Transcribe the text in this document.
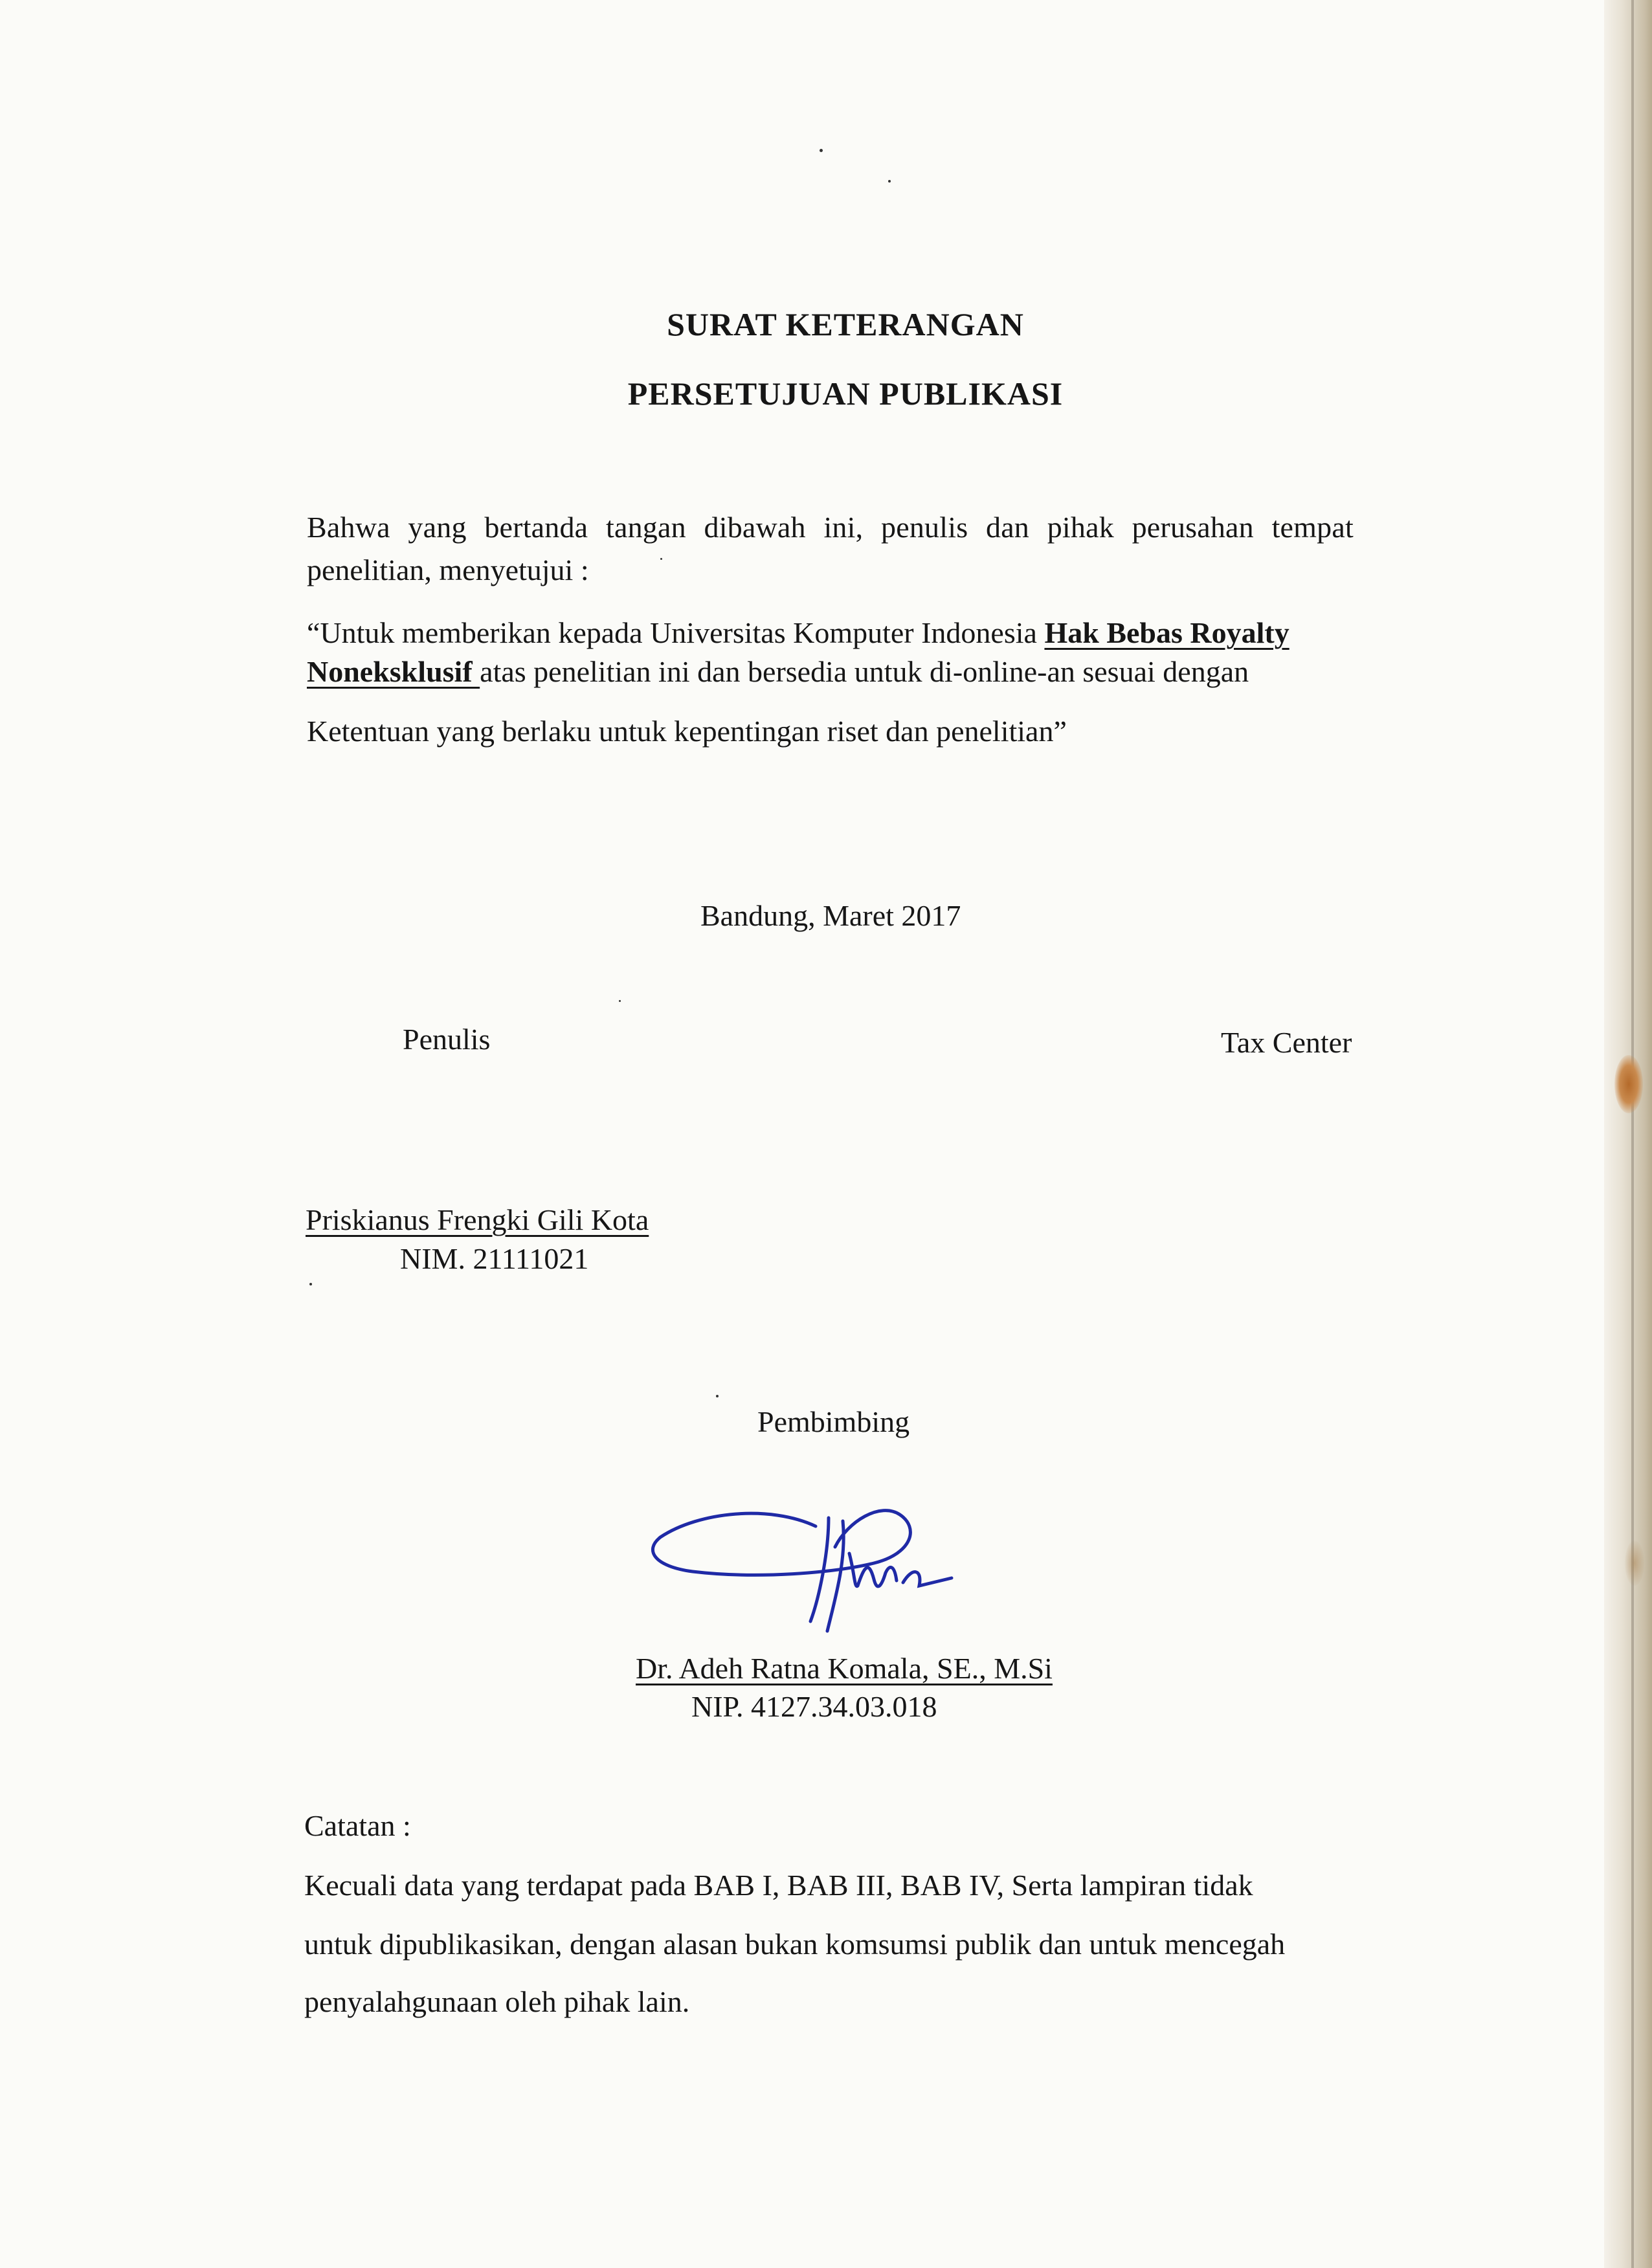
SURAT KETERANGAN
PERSETUJUAN PUBLIKASI
Bahwa yang bertanda tangan dibawah ini, penulis dan pihak perusahan tempat
penelitian, menyetujui :
“Untuk memberikan kepada Universitas Komputer Indonesia Hak Bebas Royalty
Noneksklusif atas penelitian ini dan bersedia untuk di-online-an sesuai dengan
Ketentuan yang berlaku untuk kepentingan riset dan penelitian”
Bandung, Maret 2017
Penulis	Tax Center
Priskianus Frengki Gili Kota
NIM. 21111021
Pembimbing
Dr. Adeh Ratna Komala, SE., M.Si
NIP. 4127.34.03.018
Catatan :
Kecuali data yang terdapat pada BAB I, BAB III, BAB IV, Serta lampiran tidak
untuk dipublikasikan, dengan alasan bukan komsumsi publik dan untuk mencegah
penyalahgunaan oleh pihak lain.
